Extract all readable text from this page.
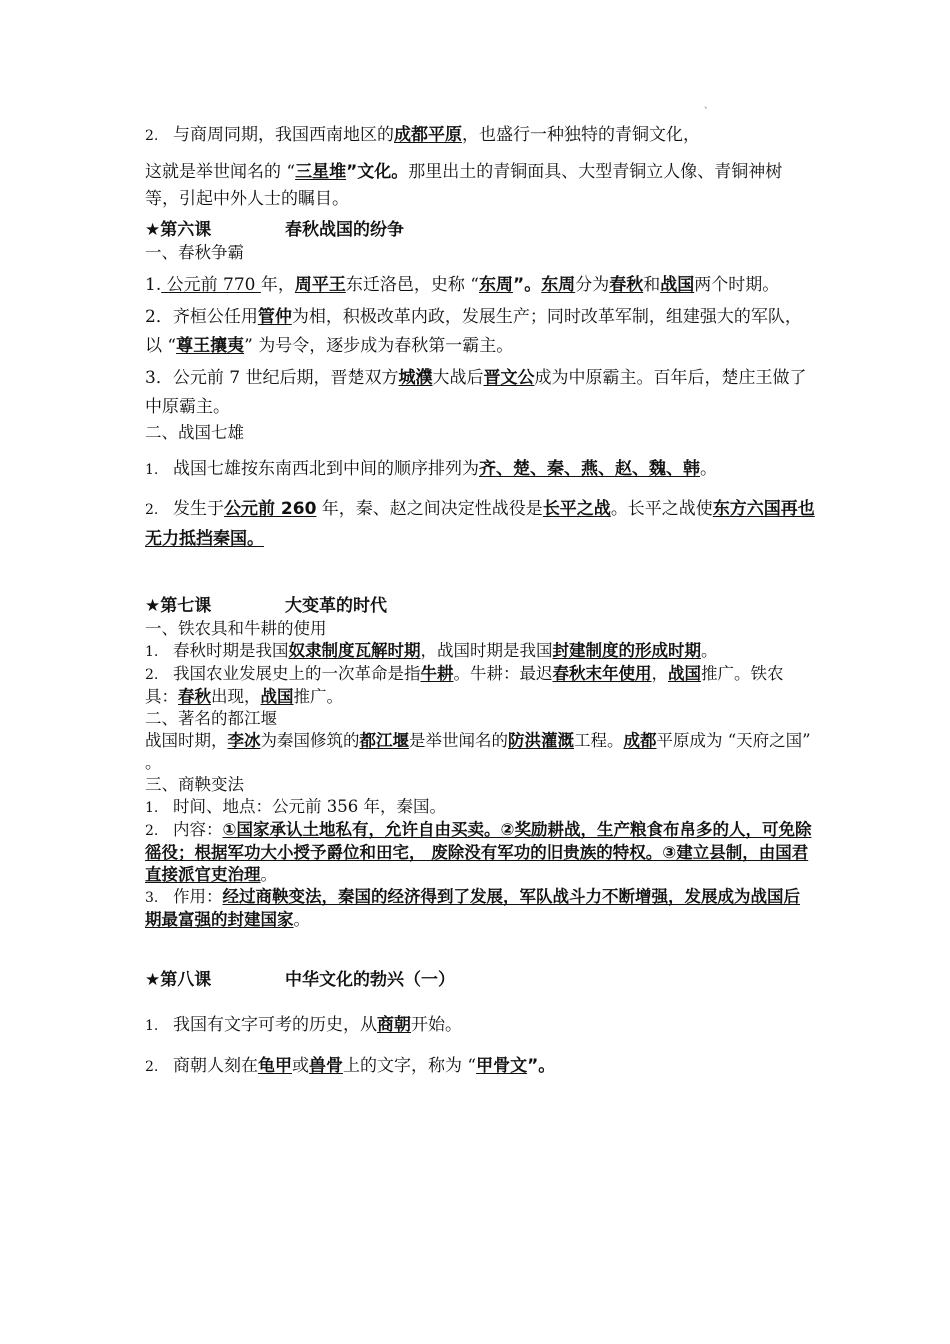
、

2. 与商周同期，我国西南地区的成都平原，也盛行一种独特的青铜文化，

这就是举世闻名的 “三星堆”文化。那里出土的青铜面具、大型青铜立人像、青铜神树等，引起中外人士的瞩目。

★第六课	春秋战国的纷争

一、春秋争霸

1. 公元前 770 年，周平王东迁洛邑，史称 “东周”。东周分为春秋和战国两个时期。

2．齐桓公任用管仲为相，积极改革内政，发展生产；同时改革军制，组建强大的军队，以 “尊王攘夷” 为号令，逐步成为春秋第一霸主。

3．公元前 7 世纪后期，晋楚双方城濮大战后晋文公成为中原霸主。百年后，楚庄王做了中原霸主。

二、战国七雄

1. 战国七雄按东南西北到中间的顺序排列为齐、楚、秦、燕、赵、魏、韩。

2. 发生于公元前 260 年，秦、赵之间决定性战役是长平之战。长平之战使东方六国再也无力抵挡秦国。

★第七课	大变革的时代

一、铁农具和牛耕的使用

1. 春秋时期是我国奴隶制度瓦解时期，战国时期是我国封建制度的形成时期。

2. 我国农业发展史上的一次革命是指牛耕。牛耕：最迟春秋末年使用，战国推广。铁农具：春秋出现，战国推广。

二、著名的都江堰

战国时期，李冰为秦国修筑的都江堰是举世闻名的防洪灌溉工程。成都平原成为 “天府之国” 。

三、商鞅变法

1. 时间、地点：公元前 356 年，秦国。

2. 内容：①国家承认土地私有，允许自由买卖。②奖励耕战，生产粮食布帛多的人，可免除徭役；根据军功大小授予爵位和田宅， 废除没有军功的旧贵族的特权。③建立县制，由国君直接派官吏治理。

3. 作用：经过商鞅变法，秦国的经济得到了发展，军队战斗力不断增强，发展成为战国后期最富强的封建国家。

★第八课	中华文化的勃兴（一）

1. 我国有文字可考的历史，从商朝开始。

2. 商朝人刻在龟甲或兽骨上的文字，称为 “甲骨文”。
